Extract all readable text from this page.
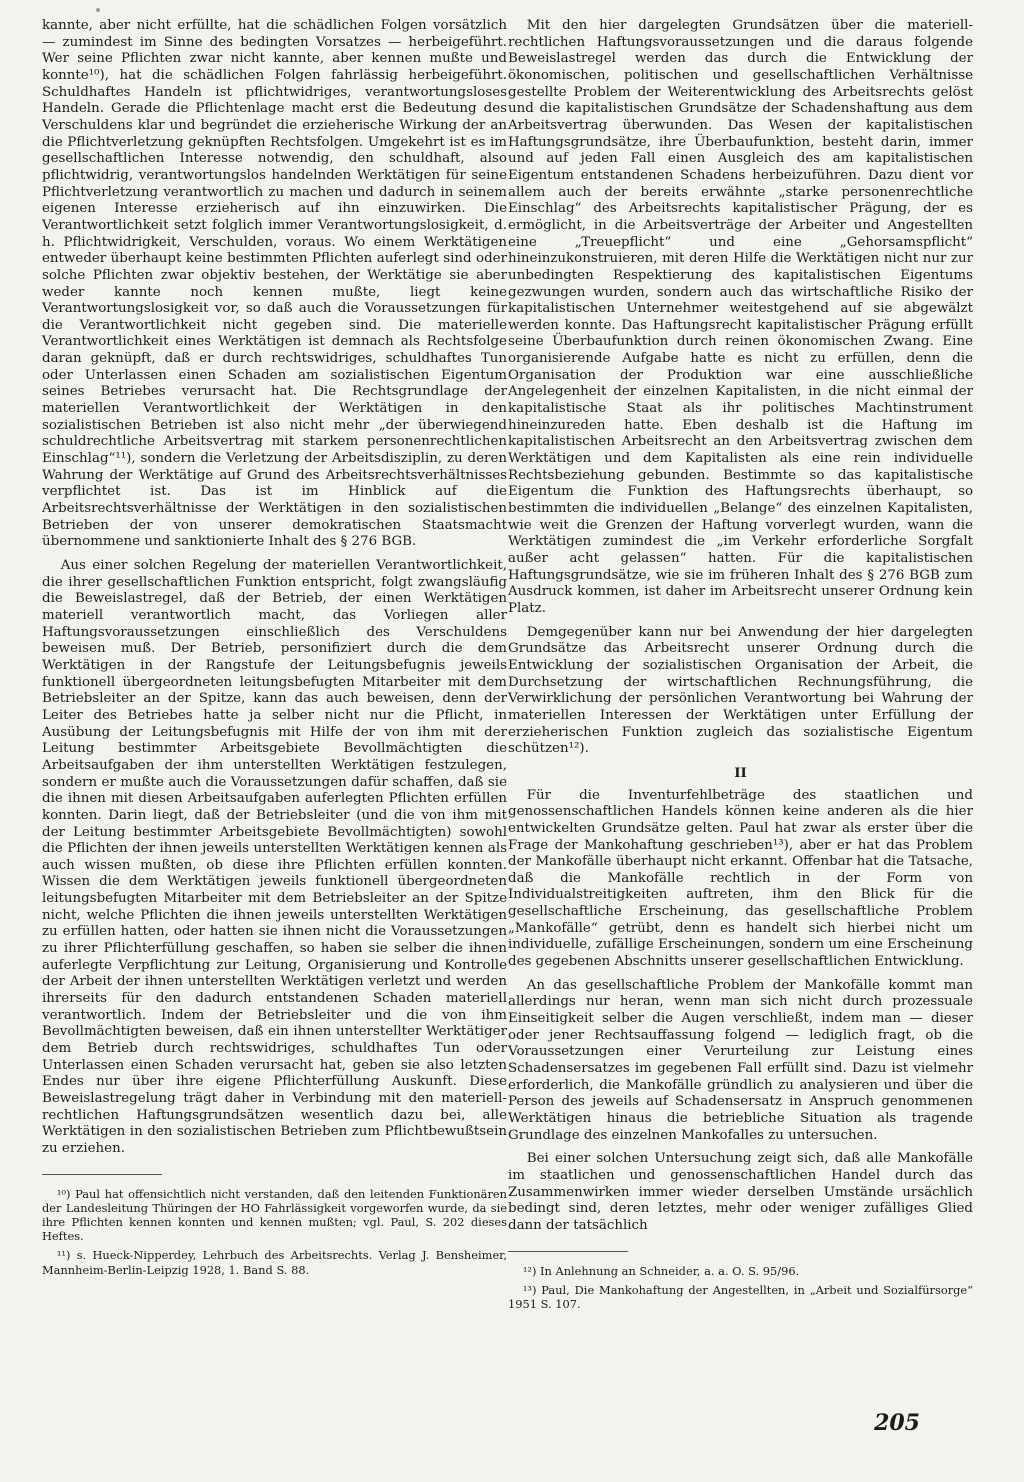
kannte, aber nicht erfüllte, hat die schädlichen Folgen vorsätzlich — zumindest im Sinne des bedingten Vorsatzes — herbeigeführt. Wer seine Pflichten zwar nicht kannte, aber kennen mußte und konnte¹⁰), hat die schädlichen Folgen fahrlässig herbeigeführt. Schuldhaftes Handeln ist pflichtwidriges, verantwortungsloses Handeln. Gerade die Pflichtenlage macht erst die Bedeutung des Verschuldens klar und begründet die erzieherische Wirkung der an die Pflichtverletzung geknüpften Rechtsfolgen. Umgekehrt ist es im gesellschaftlichen Interesse notwendig, den schuldhaft, also pflichtwidrig, verantwortungslos handelnden Werktätigen für seine Pflichtverletzung verantwortlich zu machen und dadurch in seinem eigenen Interesse erzieherisch auf ihn einzuwirken. Die Verantwortlichkeit setzt folglich immer Verantwortungslosigkeit, d. h. Pflichtwidrigkeit, Verschulden, voraus. Wo einem Werktätigen entweder überhaupt keine bestimmten Pflichten auferlegt sind oder solche Pflichten zwar objektiv bestehen, der Werktätige sie aber weder kannte noch kennen mußte, liegt keine Verantwortungslosigkeit vor, so daß auch die Voraussetzungen für die Verantwortlichkeit nicht gegeben sind. Die materielle Verantwortlichkeit eines Werktätigen ist demnach als Rechtsfolge daran geknüpft, daß er durch rechtswidriges, schuldhaftes Tun oder Unterlassen einen Schaden am sozialistischen Eigentum seines Betriebes verursacht hat. Die Rechtsgrundlage der materiellen Verantwortlichkeit der Werktätigen in den sozialistischen Betrieben ist also nicht mehr „der überwiegend schuldrechtliche Arbeitsvertrag mit starkem personenrechtlichen Einschlag“¹¹), sondern die Verletzung der Arbeitsdisziplin, zu deren Wahrung der Werktätige auf Grund des Arbeitsrechtsverhältnisses verpflichtet ist. Das ist im Hinblick auf die Arbeitsrechtsverhältnisse der Werktätigen in den sozialistischen Betrieben der von unserer demokratischen Staatsmacht übernommene und sanktionierte Inhalt des § 276 BGB.

Aus einer solchen Regelung der materiellen Verantwortlichkeit, die ihrer gesellschaftlichen Funktion entspricht, folgt zwangsläufig die Beweislastregel, daß der Betrieb, der einen Werktätigen materiell verantwortlich macht, das Vorliegen aller Haftungsvoraussetzungen einschließlich des Verschuldens beweisen muß. Der Betrieb, personifiziert durch die dem Werktätigen in der Rangstufe der Leitungsbefugnis jeweils funktionell übergeordneten leitungsbefugten Mitarbeiter mit dem Betriebsleiter an der Spitze, kann das auch beweisen, denn der Leiter des Betriebes hatte ja selber nicht nur die Pflicht, in Ausübung der Leitungsbefugnis mit Hilfe der von ihm mit der Leitung bestimmter Arbeitsgebiete Bevollmächtigten die Arbeitsaufgaben der ihm unterstellten Werktätigen festzulegen, sondern er mußte auch die Voraussetzungen dafür schaffen, daß sie die ihnen mit diesen Arbeitsaufgaben auferlegten Pflichten erfüllen konnten. Darin liegt, daß der Betriebsleiter (und die von ihm mit der Leitung bestimmter Arbeitsgebiete Bevollmächtigten) sowohl die Pflichten der ihnen jeweils unterstellten Werktätigen kennen als auch wissen mußten, ob diese ihre Pflichten erfüllen konnten. Wissen die dem Werktätigen jeweils funktionell übergeordneten leitungsbefugten Mitarbeiter mit dem Betriebsleiter an der Spitze nicht, welche Pflichten die ihnen jeweils unterstellten Werktätigen zu erfüllen hatten, oder hatten sie ihnen nicht die Voraussetzungen zu ihrer Pflichterfüllung geschaffen, so haben sie selber die ihnen auferlegte Verpflichtung zur Leitung, Organisierung und Kontrolle der Arbeit der ihnen unterstellten Werktätigen verletzt und werden ihrerseits für den dadurch entstandenen Schaden materiell verantwortlich. Indem der Betriebsleiter und die von ihm Bevollmächtigten beweisen, daß ein ihnen unterstellter Werktätiger dem Betrieb durch rechtswidriges, schuldhaftes Tun oder Unterlassen einen Schaden verursacht hat, geben sie also letzten Endes nur über ihre eigene Pflichterfüllung Auskunft. Diese Beweislastregelung trägt daher in Verbindung mit den materiell-rechtlichen Haftungsgrundsätzen wesentlich dazu bei, alle Werktätigen in den sozialistischen Betrieben zum Pflichtbewußtsein zu erziehen.

¹⁰) Paul hat offensichtlich nicht verstanden, daß den leitenden Funktionären der Landesleitung Thüringen der HO Fahrlässigkeit vorgeworfen wurde, da sie ihre Pflichten kennen konnten und kennen mußten; vgl. Paul, S. 202 dieses Heftes.

¹¹) s. Hueck-Nipperdey, Lehrbuch des Arbeitsrechts. Verlag J. Bensheimer, Mannheim-Berlin-Leipzig 1928, 1. Band S. 88.

Mit den hier dargelegten Grundsätzen über die materiell-rechtlichen Haftungsvoraussetzungen und die daraus folgende Beweislastregel werden das durch die Entwicklung der ökonomischen, politischen und gesellschaftlichen Verhältnisse gestellte Problem der Weiterentwicklung des Arbeitsrechts gelöst und die kapitalistischen Grundsätze der Schadenshaftung aus dem Arbeitsvertrag überwunden. Das Wesen der kapitalistischen Haftungsgrundsätze, ihre Überbaufunktion, besteht darin, immer und auf jeden Fall einen Ausgleich des am kapitalistischen Eigentum entstandenen Schadens herbeizuführen. Dazu dient vor allem auch der bereits erwähnte „starke personenrechtliche Einschlag“ des Arbeitsrechts kapitalistischer Prägung, der es ermöglicht, in die Arbeitsverträge der Arbeiter und Angestellten eine „Treuepflicht“ und eine „Gehorsamspflicht“ hineinzukonstruieren, mit deren Hilfe die Werktätigen nicht nur zur unbedingten Respektierung des kapitalistischen Eigentums gezwungen wurden, sondern auch das wirtschaftliche Risiko der kapitalistischen Unternehmer weitestgehend auf sie abgewälzt werden konnte. Das Haftungsrecht kapitalistischer Prägung erfüllt seine Überbaufunktion durch reinen ökonomischen Zwang. Eine organisierende Aufgabe hatte es nicht zu erfüllen, denn die Organisation der Produktion war eine ausschließliche Angelegenheit der einzelnen Kapitalisten, in die nicht einmal der kapitalistische Staat als ihr politisches Machtinstrument hineinzureden hatte. Eben deshalb ist die Haftung im kapitalistischen Arbeitsrecht an den Arbeitsvertrag zwischen dem Werktätigen und dem Kapitalisten als eine rein individuelle Rechtsbeziehung gebunden. Bestimmte so das kapitalistische Eigentum die Funktion des Haftungsrechts überhaupt, so bestimmten die individuellen „Belange“ des einzelnen Kapitalisten, wie weit die Grenzen der Haftung vorverlegt wurden, wann die Werktätigen zumindest die „im Verkehr erforderliche Sorgfalt außer acht gelassen“ hatten. Für die kapitalistischen Haftungsgrundsätze, wie sie im früheren Inhalt des § 276 BGB zum Ausdruck kommen, ist daher im Arbeitsrecht unserer Ordnung kein Platz.

Demgegenüber kann nur bei Anwendung der hier dargelegten Grundsätze das Arbeitsrecht unserer Ordnung durch die Entwicklung der sozialistischen Organisation der Arbeit, die Durchsetzung der wirtschaftlichen Rechnungsführung, die Verwirklichung der persönlichen Verantwortung bei Wahrung der materiellen Interessen der Werktätigen unter Erfüllung der erzieherischen Funktion zugleich das sozialistische Eigentum schützen¹²).

II

Für die Inventurfehlbeträge des staatlichen und genossenschaftlichen Handels können keine anderen als die hier entwickelten Grundsätze gelten. Paul hat zwar als erster über die Frage der Mankohaftung geschrieben¹³), aber er hat das Problem der Mankofälle überhaupt nicht erkannt. Offenbar hat die Tatsache, daß die Mankofälle rechtlich in der Form von Individualstreitigkeiten auftreten, ihm den Blick für die gesellschaftliche Erscheinung, das gesellschaftliche Problem „Mankofälle“ getrübt, denn es handelt sich hierbei nicht um individuelle, zufällige Erscheinungen, sondern um eine Erscheinung des gegebenen Abschnitts unserer gesellschaftlichen Entwicklung.

An das gesellschaftliche Problem der Mankofälle kommt man allerdings nur heran, wenn man sich nicht durch prozessuale Einseitigkeit selber die Augen verschließt, indem man — dieser oder jener Rechtsauffassung folgend — lediglich fragt, ob die Voraussetzungen einer Verurteilung zur Leistung eines Schadensersatzes im gegebenen Fall erfüllt sind. Dazu ist vielmehr erforderlich, die Mankofälle gründlich zu analysieren und über die Person des jeweils auf Schadensersatz in Anspruch genommenen Werktätigen hinaus die betriebliche Situation als tragende Grundlage des einzelnen Mankofalles zu untersuchen.

Bei einer solchen Untersuchung zeigt sich, daß alle Mankofälle im staatlichen und genossenschaftlichen Handel durch das Zusammenwirken immer wieder derselben Umstände ursächlich bedingt sind, deren letztes, mehr oder weniger zufälliges Glied dann der tatsächlich

¹²) In Anlehnung an Schneider, a. a. O. S. 95/96.

¹³) Paul, Die Mankohaftung der Angestellten, in „Arbeit und Sozialfürsorge“ 1951 S. 107.

205
